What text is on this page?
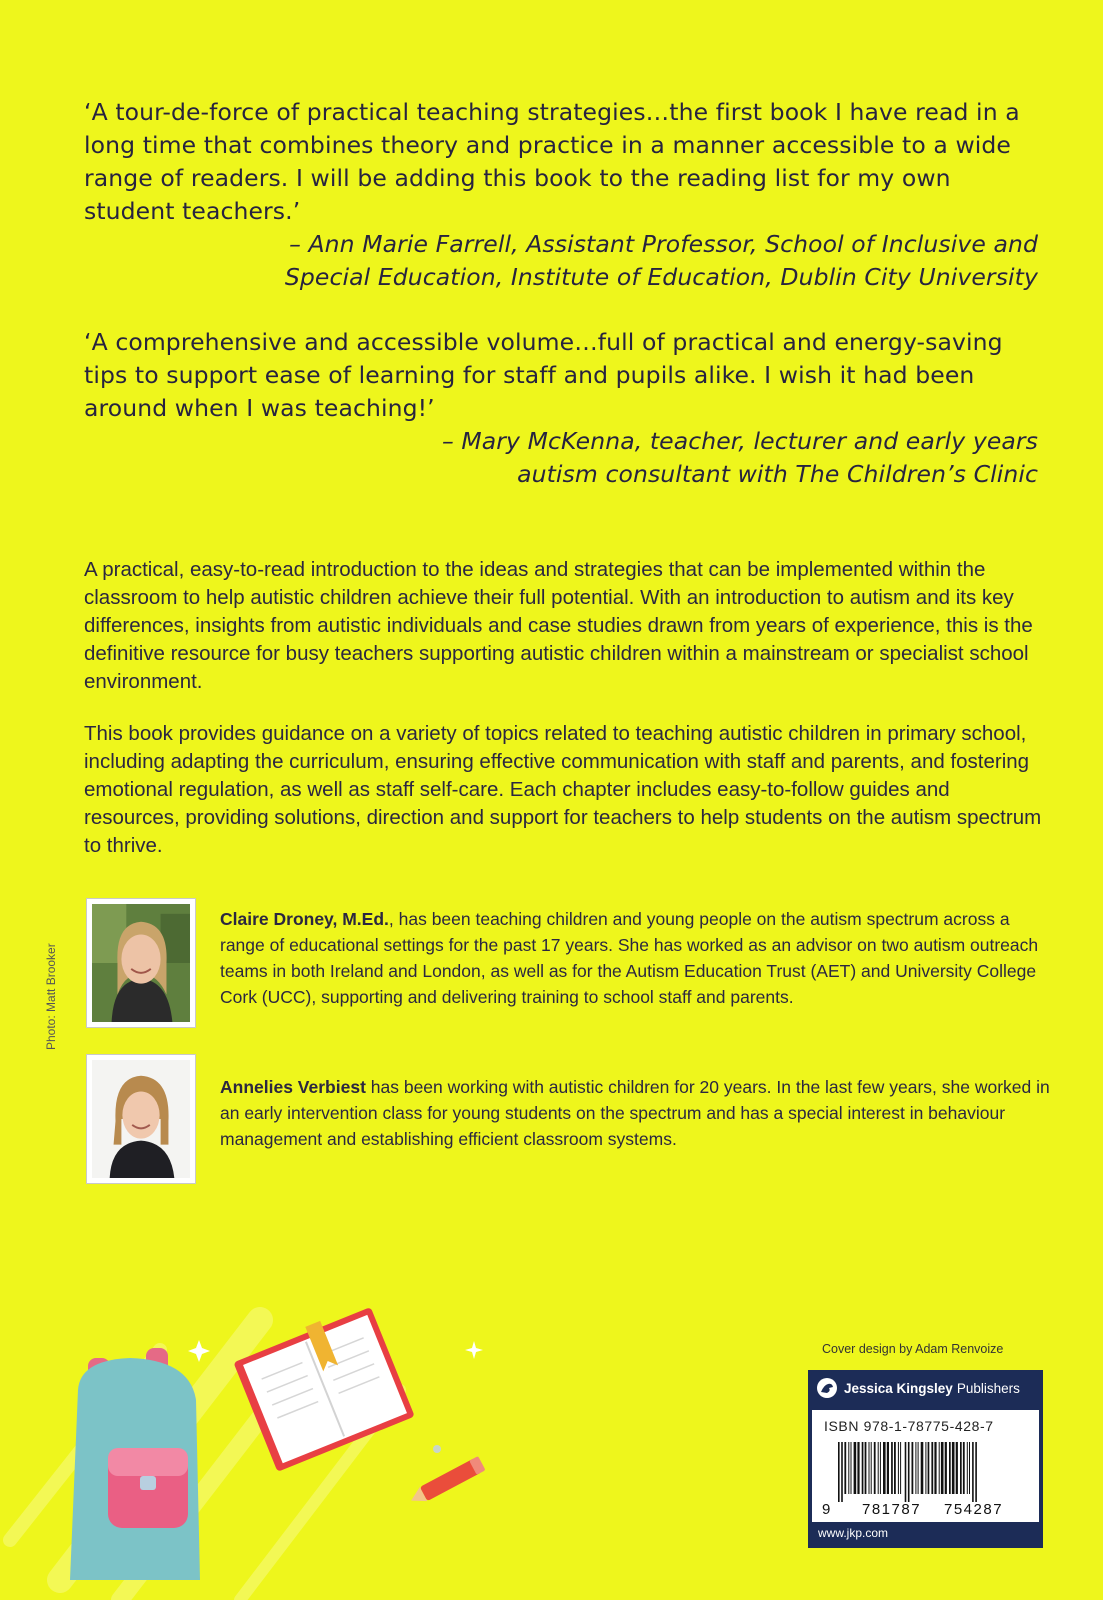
‘A tour-de-force of practical teaching strategies…the first book I have read in a long time that combines theory and practice in a manner accessible to a wide range of readers. I will be adding this book to the reading list for my own student teachers.’

– Ann Marie Farrell, Assistant Professor, School of Inclusive and
Special Education, Institute of Education, Dublin City University

‘A comprehensive and accessible volume…full of practical and energy-saving tips to support ease of learning for staff and pupils alike. I wish it had been around when I was teaching!’

– Mary McKenna, teacher, lecturer and early years
autism consultant with The Children’s Clinic

A practical, easy-to-read introduction to the ideas and strategies that can be implemented within the classroom to help autistic children achieve their full potential. With an introduction to autism and its key differences, insights from autistic individuals and case studies drawn from years of experience, this is the definitive resource for busy teachers supporting autistic children within a mainstream or specialist school environment.

This book provides guidance on a variety of topics related to teaching autistic children in primary school, including adapting the curriculum, ensuring effective communication with staff and parents, and fostering emotional regulation, as well as staff self-care. Each chapter includes easy-to-follow guides and resources, providing solutions, direction and support for teachers to help students on the autism spectrum to thrive.

Photo: Matt Brooker

Claire Droney, M.Ed., has been teaching children and young people on the autism spectrum across a range of educational settings for the past 17 years. She has worked as an advisor on two autism outreach teams in both Ireland and London, as well as for the Autism Education Trust (AET) and University College Cork (UCC), supporting and delivering training to school staff and parents.

Annelies Verbiest has been working with autistic children for 20 years. In the last few years, she worked in an early intervention class for young students on the spectrum and has a special interest in behaviour management and establishing efficient classroom systems.

Cover design by Adam Renvoize
Jessica Kingsley Publishers
ISBN 978-1-78775-428-7
9 781787 754287
www.jkp.com
